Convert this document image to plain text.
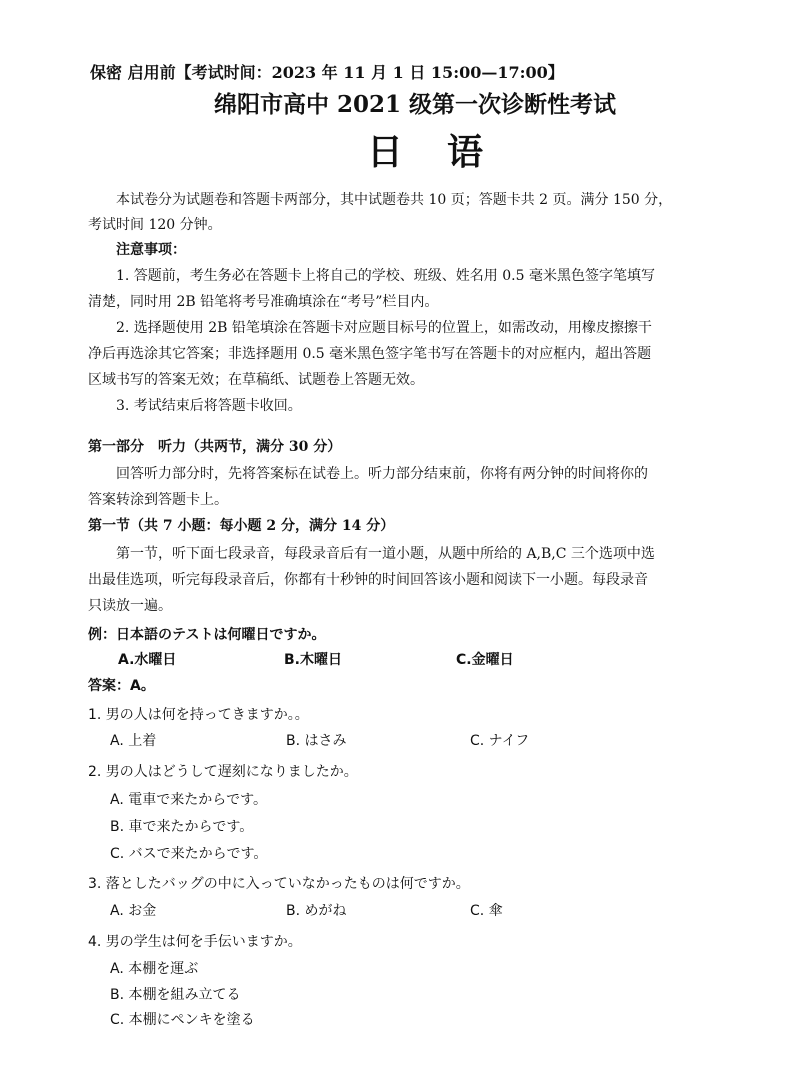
保密 启用前【考试时间：2023 年 11 月 1 日 15:00—17:00】
绵阳市高中 2021 级第一次诊断性考试
日　语
本试卷分为试题卷和答题卡两部分，其中试题卷共 10 页；答题卡共 2 页。满分 150 分，
考试时间 120 分钟。
注意事项：
1. 答题前，考生务必在答题卡上将自己的学校、班级、姓名用 0.5 毫米黑色签字笔填写
清楚，同时用 2B 铅笔将考号准确填涂在“考号”栏目内。
2. 选择题使用 2B 铅笔填涂在答题卡对应题目标号的位置上，如需改动，用橡皮擦擦干
净后再选涂其它答案；非选择题用 0.5 毫米黑色签字笔书写在答题卡的对应框内，超出答题
区域书写的答案无效；在草稿纸、试题卷上答题无效。
3. 考试结束后将答题卡收回。
第一部分　听力（共两节，满分 30 分）
回答听力部分时，先将答案标在试卷上。听力部分结束前，你将有两分钟的时间将你的
答案转涂到答题卡上。
第一节（共 7 小题：每小题 2 分，满分 14 分）
第一节，听下面七段录音，每段录音后有一道小题，从题中所给的 A,B,C 三个选项中选
出最佳选项，听完每段录音后，你都有十秒钟的时间回答该小题和阅读下一小题。每段录音
只读放一遍。
例：日本語のテストは何曜日ですか。
A.水曜日	B.木曜日	C.金曜日
答案：A。
1. 男の人は何を持ってきますか。。
A. 上着	B. はさみ	C. ナイフ
2. 男の人はどうして遅刻になりましたか。
A. 電車で来たからです。
B. 車で来たからです。
C. バスで来たからです。
3. 落としたバッグの中に入っていなかったものは何ですか。
A. お金	B. めがね	C. 傘
4. 男の学生は何を手伝いますか。
A. 本棚を運ぶ
B. 本棚を組み立てる
C. 本棚にペンキを塗る
